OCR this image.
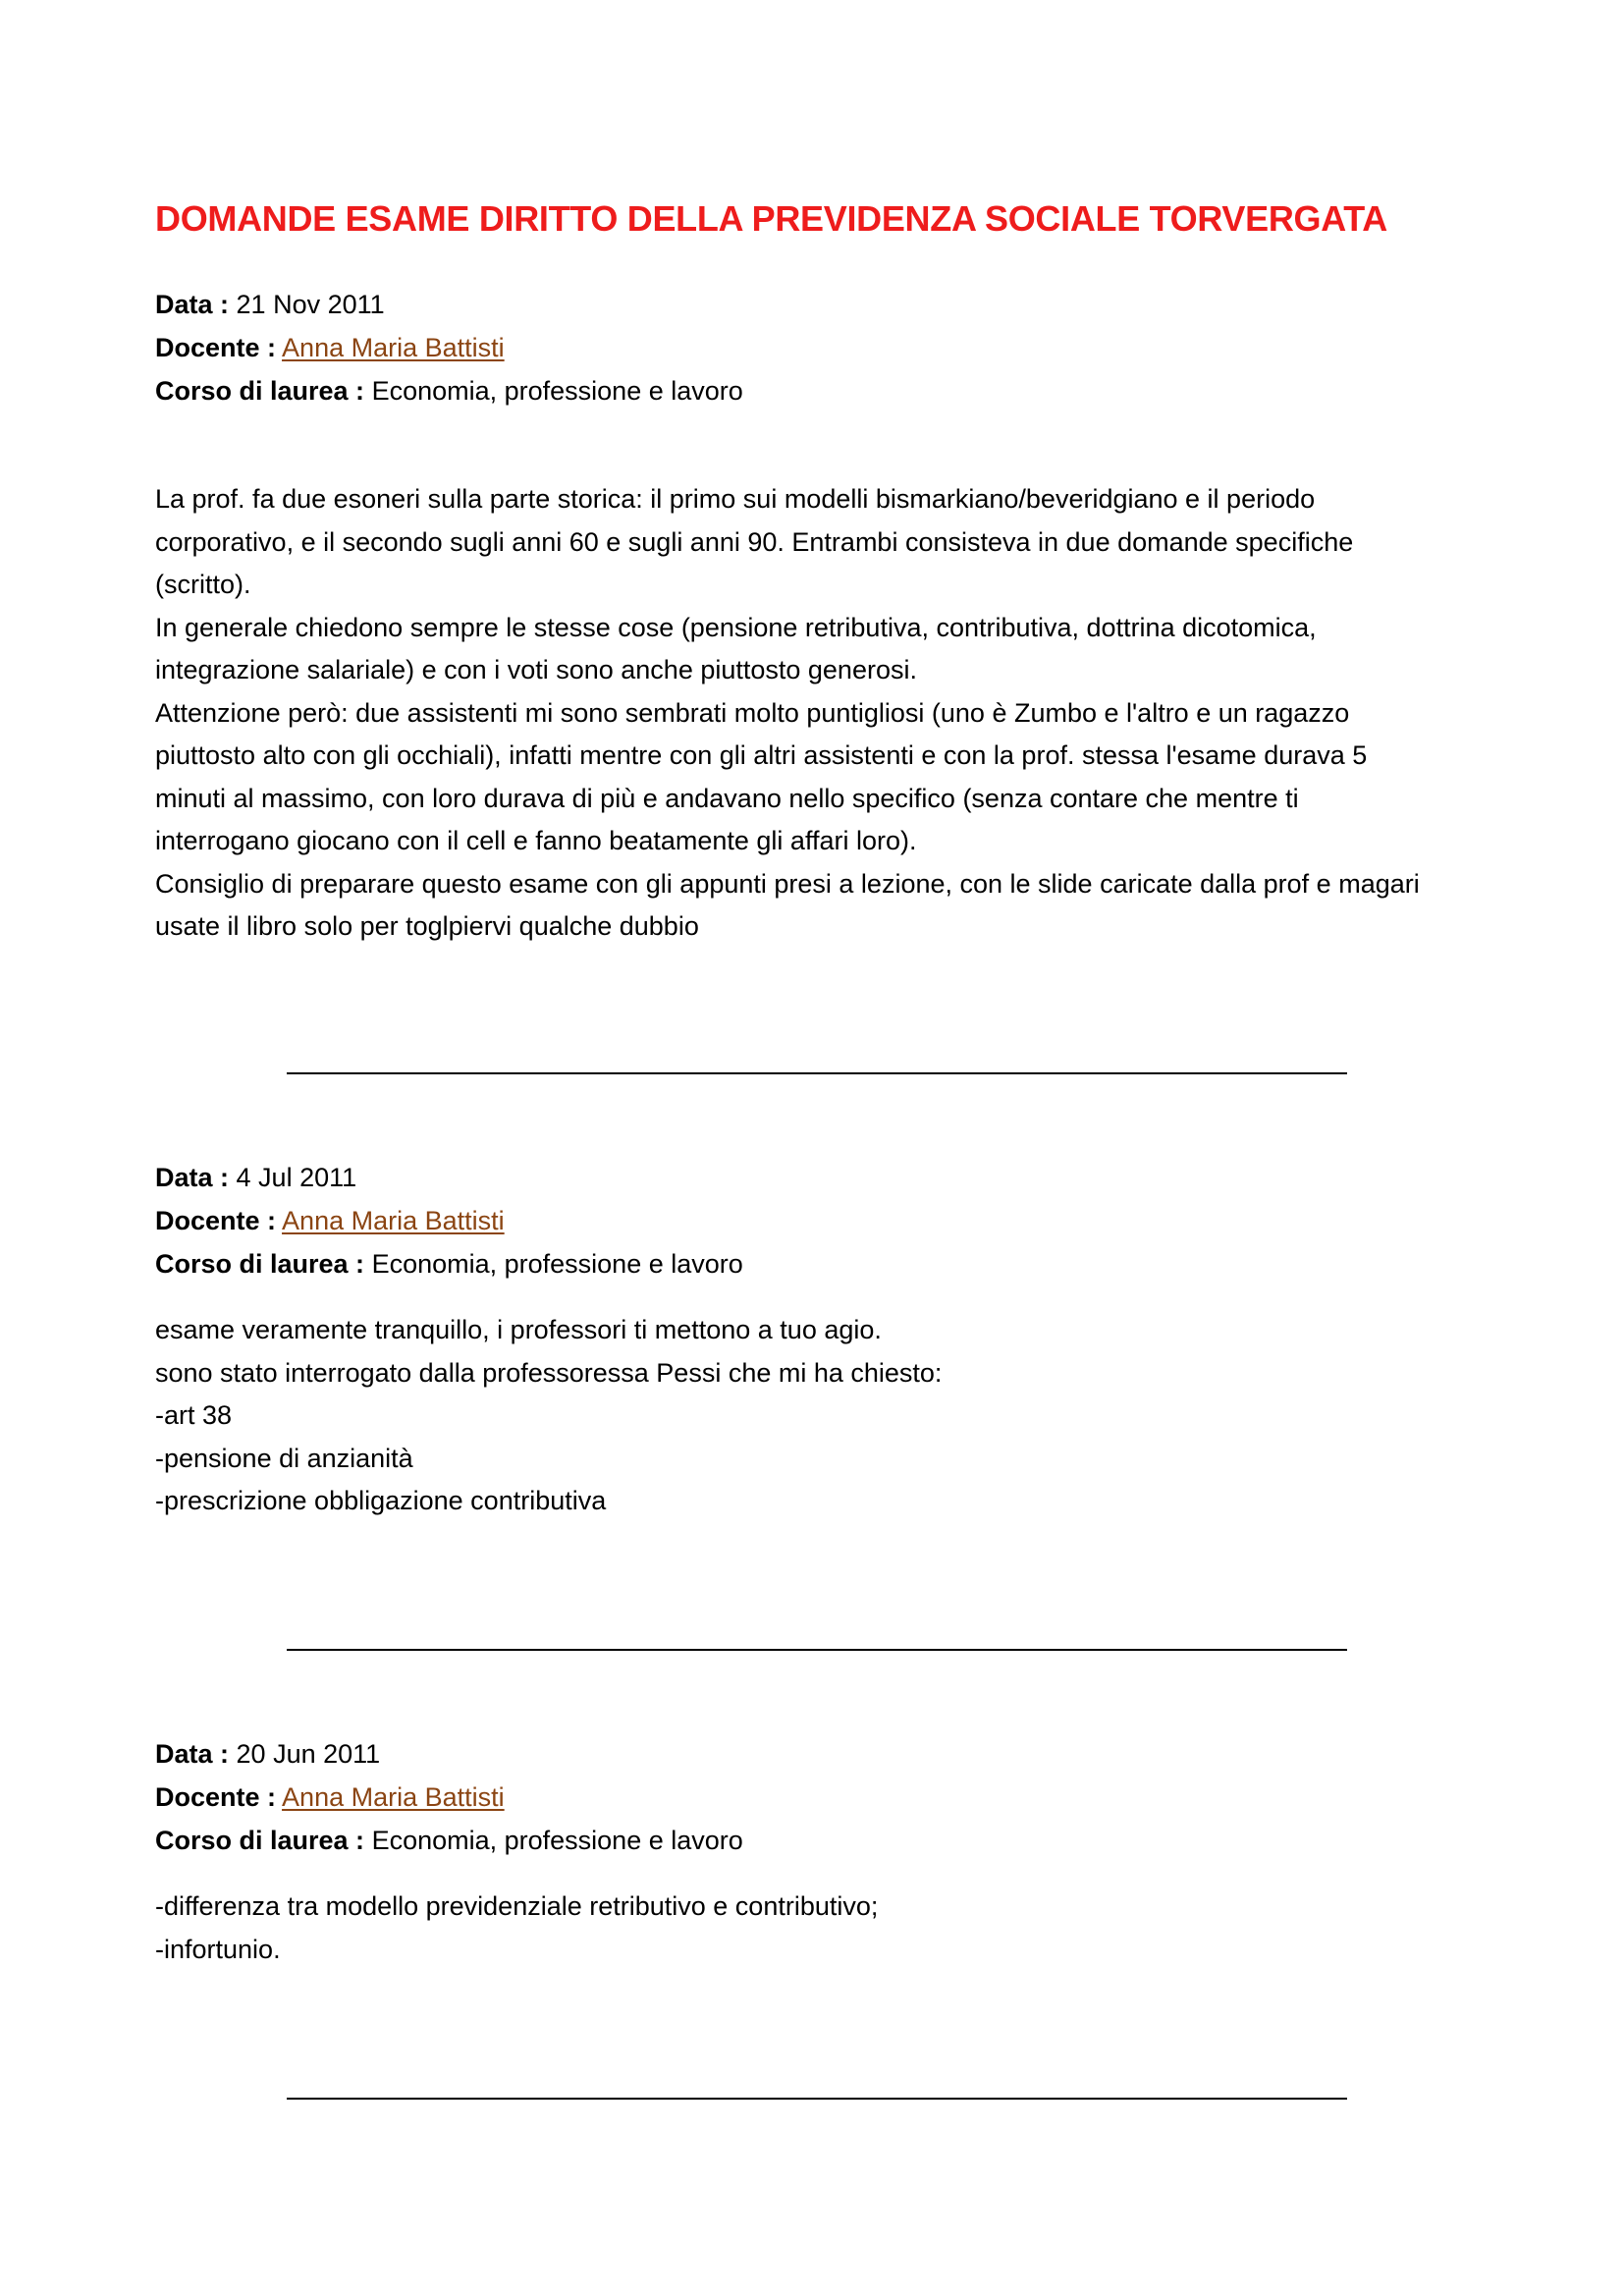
DOMANDE ESAME DIRITTO DELLA PREVIDENZA SOCIALE TORVERGATA
Data : 21 Nov 2011
Docente : Anna Maria Battisti
Corso di laurea : Economia, professione e lavoro

La prof. fa due esoneri sulla parte storica: il primo sui modelli bismarkiano/beveridgiano e il periodo
corporativo, e il secondo sugli anni 60 e sugli anni 90. Entrambi consisteva in due domande specifiche
(scritto).
In generale chiedono sempre le stesse cose (pensione retributiva, contributiva, dottrina dicotomica,
integrazione salariale) e con i voti sono anche piuttosto generosi.
Attenzione però: due assistenti mi sono sembrati molto puntigliosi (uno è Zumbo e l'altro e un ragazzo
piuttosto alto con gli occhiali), infatti mentre con gli altri assistenti e con la prof. stessa l'esame durava 5
minuti al massimo, con loro durava di più e andavano nello specifico (senza contare che mentre ti
interrogano giocano con il cell e fanno beatamente gli affari loro).
Consiglio di preparare questo esame con gli appunti presi a lezione, con le slide caricate dalla prof e magari
usate il libro solo per toglpiervi qualche dubbio

Data : 4 Jul 2011
Docente : Anna Maria Battisti
Corso di laurea : Economia, professione e lavoro

esame veramente tranquillo, i professori ti mettono a tuo agio.
sono stato interrogato dalla professoressa Pessi che mi ha chiesto:
-art 38
-pensione di anzianità
-prescrizione obbligazione contributiva

Data : 20 Jun 2011
Docente : Anna Maria Battisti
Corso di laurea : Economia, professione e lavoro

-differenza tra modello previdenziale retributivo e contributivo;
-infortunio.
